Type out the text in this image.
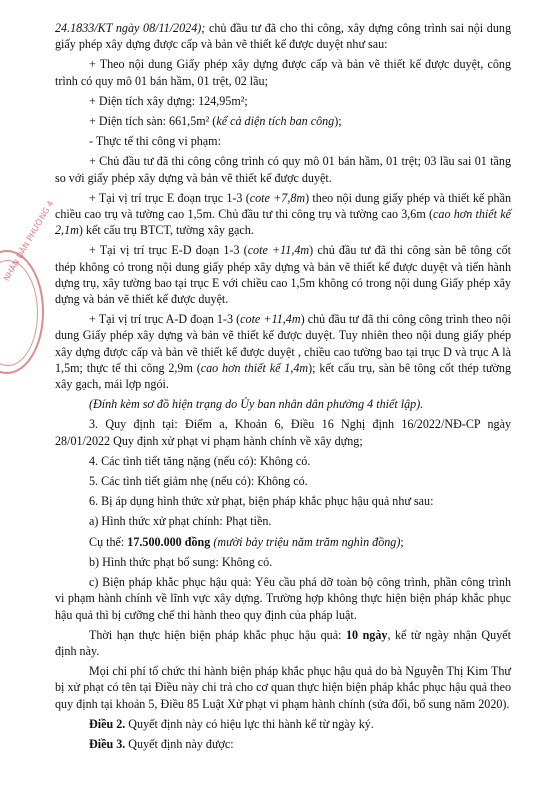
NHÂN DÂN PHƯỜNG 4

24.1833/KT ngày 08/11/2024); chủ đầu tư đã cho thi công, xây dựng công trình sai nội dung giấy phép xây dựng được cấp và bản vẽ thiết kế được duyệt như sau:

+ Theo nội dung Giấy phép xây dựng được cấp và bản vẽ thiết kế được duyệt, công trình có quy mô 01 bán hầm, 01 trệt, 02 lầu;

+ Diện tích xây dựng: 124,95m²;

+ Diện tích sàn: 661,5m² (kể cả diện tích ban công);

- Thực tế thi công vi phạm:

+ Chủ đầu tư đã thi công công trình có quy mô 01 bán hầm, 01 trệt; 03 lầu sai 01 tầng so với giấy phép xây dựng và bản vẽ thiết kế được duyệt.

+ Tại vị trí trục E đoạn trục 1-3 (cote +7,8m) theo nội dung giấy phép và thiết kế phần chiều cao trụ và tường cao 1,5m. Chủ đầu tư thi công trụ và tường cao 3,6m (cao hơn thiết kế 2,1m) kết cấu trụ BTCT, tường xây gạch.

+ Tại vị trí trục E-D đoạn 1-3 (cote +11,4m) chủ đầu tư đã thi công sàn bê tông cốt thép không có trong nội dung giấy phép xây dựng và bản vẽ thiết kế được duyệt và tiến hành dựng trụ, xây tường bao tại trục E với chiều cao 1,5m không có trong nội dung Giấy phép xây dựng và bản vẽ thiết kế được duyệt.

+ Tại vị trí trục A-D đoạn 1-3 (cote +11,4m) chủ đầu tư đã thi công công trình theo nội dung Giấy phép xây dựng và bản vẽ thiết kế được duyệt. Tuy nhiên theo nội dung giấy phép xây dựng được cấp và bản vẽ thiết kế được duyệt , chiều cao tường bao tại trục D và trục A là 1,5m; thực tế thi công 2,9m (cao hơn thiết kế 1,4m); kết cấu trụ, sàn bê tông cốt thép tường xây gạch, mái lợp ngói.

(Đính kèm sơ đồ hiện trạng do Ủy ban nhân dân phường 4 thiết lập).

3. Quy định tại: Điểm a, Khoản 6, Điều 16 Nghị định 16/2022/NĐ-CP ngày 28/01/2022 Quy định xử phạt vi phạm hành chính về xây dựng;

4. Các tình tiết tăng nặng (nếu có): Không có.

5. Các tình tiết giảm nhẹ (nếu có): Không có.

6. Bị áp dụng hình thức xử phạt, biện pháp khắc phục hậu quả như sau:

a) Hình thức xử phạt chính: Phạt tiền.

Cụ thể: 17.500.000 đồng (mười bảy triệu năm trăm nghìn đồng);

b) Hình thức phạt bổ sung: Không có.

c) Biện pháp khắc phục hậu quả: Yêu cầu phá dỡ toàn bộ công trình, phần công trình vi phạm hành chính về lĩnh vực xây dựng. Trường hợp không thực hiện biện pháp khắc phục hậu quả thì bị cưỡng chế thi hành theo quy định của pháp luật.

Thời hạn thực hiện biện pháp khắc phục hậu quả: 10 ngày, kể từ ngày nhận Quyết định này.

Mọi chi phí tổ chức thi hành biện pháp khắc phục hậu quả do bà Nguyễn Thị Kim Thư bị xử phạt có tên tại Điều này chi trả cho cơ quan thực hiện biện pháp khắc phục hậu quả theo quy định tại khoản 5, Điều 85 Luật Xử phạt vi phạm hành chính (sửa đổi, bổ sung năm 2020).

Điều 2. Quyết định này có hiệu lực thi hành kể từ ngày ký.

Điều 3. Quyết định này được:
